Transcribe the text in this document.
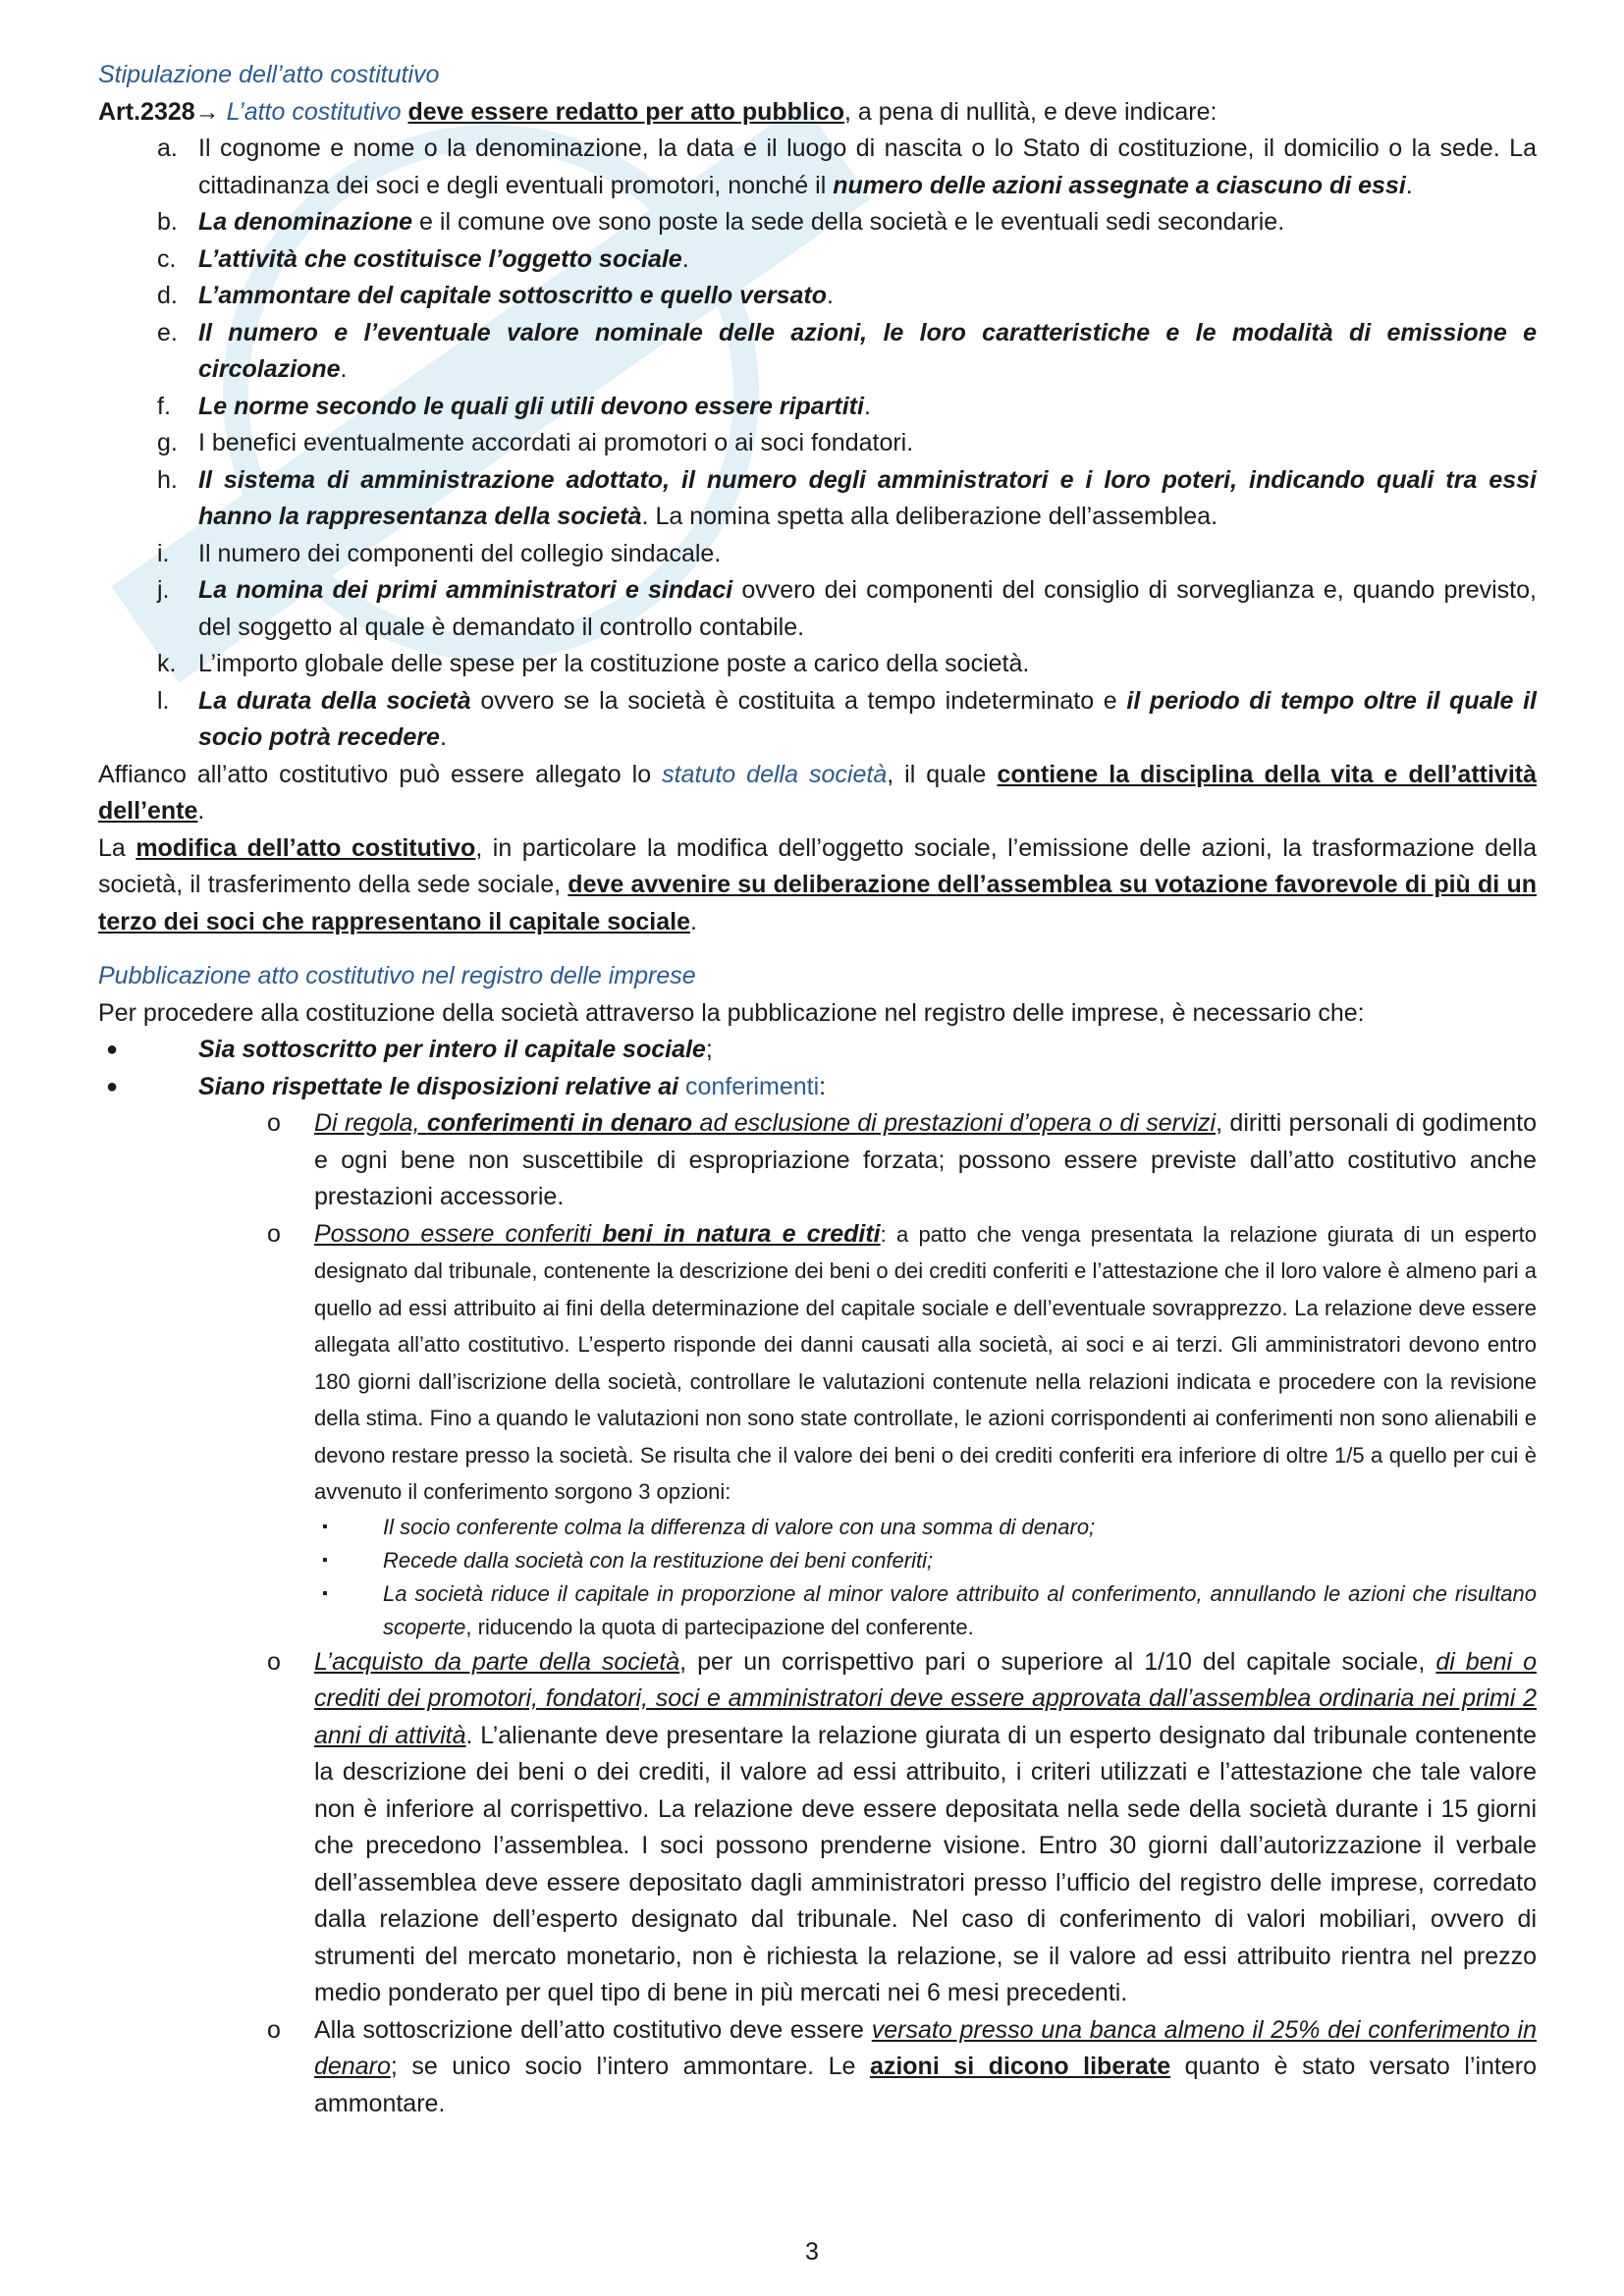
Stipulazione dell’atto costitutivo

Art.2328→ L’atto costitutivo deve essere redatto per atto pubblico, a pena di nullità, e deve indicare:

a. Il cognome e nome o la denominazione, la data e il luogo di nascita o lo Stato di costituzione, il domicilio o la sede. La cittadinanza dei soci e degli eventuali promotori, nonché il numero delle azioni assegnate a ciascuno di essi.
b. La denominazione e il comune ove sono poste la sede della società e le eventuali sedi secondarie.
c. L’attività che costituisce l’oggetto sociale.
d. L’ammontare del capitale sottoscritto e quello versato.
e. Il numero e l’eventuale valore nominale delle azioni, le loro caratteristiche e le modalità di emissione e circolazione.
f.	Le norme secondo le quali gli utili devono essere ripartiti.
g. I benefici eventualmente accordati ai promotori o ai soci fondatori.
h. Il sistema di amministrazione adottato, il numero degli amministratori e i loro poteri, indicando quali tra essi hanno la rappresentanza della società. La nomina spetta alla deliberazione dell’assemblea.
i.	Il numero dei componenti del collegio sindacale.
j.	La nomina dei primi amministratori e sindaci ovvero dei componenti del consiglio di sorveglianza e, quando previsto, del soggetto al quale è demandato il controllo contabile.
k. L’importo globale delle spese per la costituzione poste a carico della società.
l.	La durata della società ovvero se la società è costituita a tempo indeterminato e il periodo di tempo oltre il quale il socio potrà recedere.

Affianco all’atto costitutivo può essere allegato lo statuto della società, il quale contiene la disciplina della vita e dell’attività dell’ente.

La modifica dell’atto costitutivo, in particolare la modifica dell’oggetto sociale, l’emissione delle azioni, la trasformazione della società, il trasferimento della sede sociale, deve avvenire su deliberazione dell’assemblea su votazione favorevole di più di un terzo dei soci che rappresentano il capitale sociale.

Pubblicazione atto costitutivo nel registro delle imprese

Per procedere alla costituzione della società attraverso la pubblicazione nel registro delle imprese, è necessario che:

●	Sia sottoscritto per intero il capitale sociale;
●	Siano rispettate le disposizioni relative ai conferimenti:
o	Di regola, conferimenti in denaro ad esclusione di prestazioni d’opera o di servizi, diritti personali di godimento e ogni bene non suscettibile di espropriazione forzata; possono essere previste dall’atto costitutivo anche prestazioni accessorie.
o	Possono essere conferiti beni in natura e crediti: a patto che venga presentata la relazione giurata di un esperto designato dal tribunale, contenente la descrizione dei beni o dei crediti conferiti e l’attestazione che il loro valore è almeno pari a quello ad essi attribuito ai fini della determinazione del capitale sociale e dell’eventuale sovrapprezzo. La relazione deve essere allegata all’atto costitutivo. L’esperto risponde dei danni causati alla società, ai soci e ai terzi. Gli amministratori devono entro 180 giorni dall’iscrizione della società, controllare le valutazioni contenute nella relazioni indicata e procedere con la revisione della stima. Fino a quando le valutazioni non sono state controllate, le azioni corrispondenti ai conferimenti non sono alienabili e devono restare presso la società. Se risulta che il valore dei beni o dei crediti conferiti era inferiore di oltre 1/5 a quello per cui è avvenuto il conferimento sorgono 3 opzioni:
▪	Il socio conferente colma la differenza di valore con una somma di denaro;
▪	Recede dalla società con la restituzione dei beni conferiti;
▪	La società riduce il capitale in proporzione al minor valore attribuito al conferimento, annullando le azioni che risultano scoperte, riducendo la quota di partecipazione del conferente.
o	L’acquisto da parte della società, per un corrispettivo pari o superiore al 1/10 del capitale sociale, di beni o crediti dei promotori, fondatori, soci e amministratori deve essere approvata dall’assemblea ordinaria nei primi 2 anni di attività. L’alienante deve presentare la relazione giurata di un esperto designato dal tribunale contenente la descrizione dei beni o dei crediti, il valore ad essi attribuito, i criteri utilizzati e l’attestazione che tale valore non è inferiore al corrispettivo. La relazione deve essere depositata nella sede della società durante i 15 giorni che precedono l’assemblea. I soci possono prenderne visione. Entro 30 giorni dall’autorizzazione il verbale dell’assemblea deve essere depositato dagli amministratori presso l’ufficio del registro delle imprese, corredato dalla relazione dell’esperto designato dal tribunale. Nel caso di conferimento di valori mobiliari, ovvero di strumenti del mercato monetario, non è richiesta la relazione, se il valore ad essi attribuito rientra nel prezzo medio ponderato per quel tipo di bene in più mercati nei 6 mesi precedenti.
o	Alla sottoscrizione dell’atto costitutivo deve essere versato presso una banca almeno il 25% dei conferimento in denaro; se unico socio l’intero ammontare. Le azioni si dicono liberate quanto è stato versato l’intero ammontare.
3
